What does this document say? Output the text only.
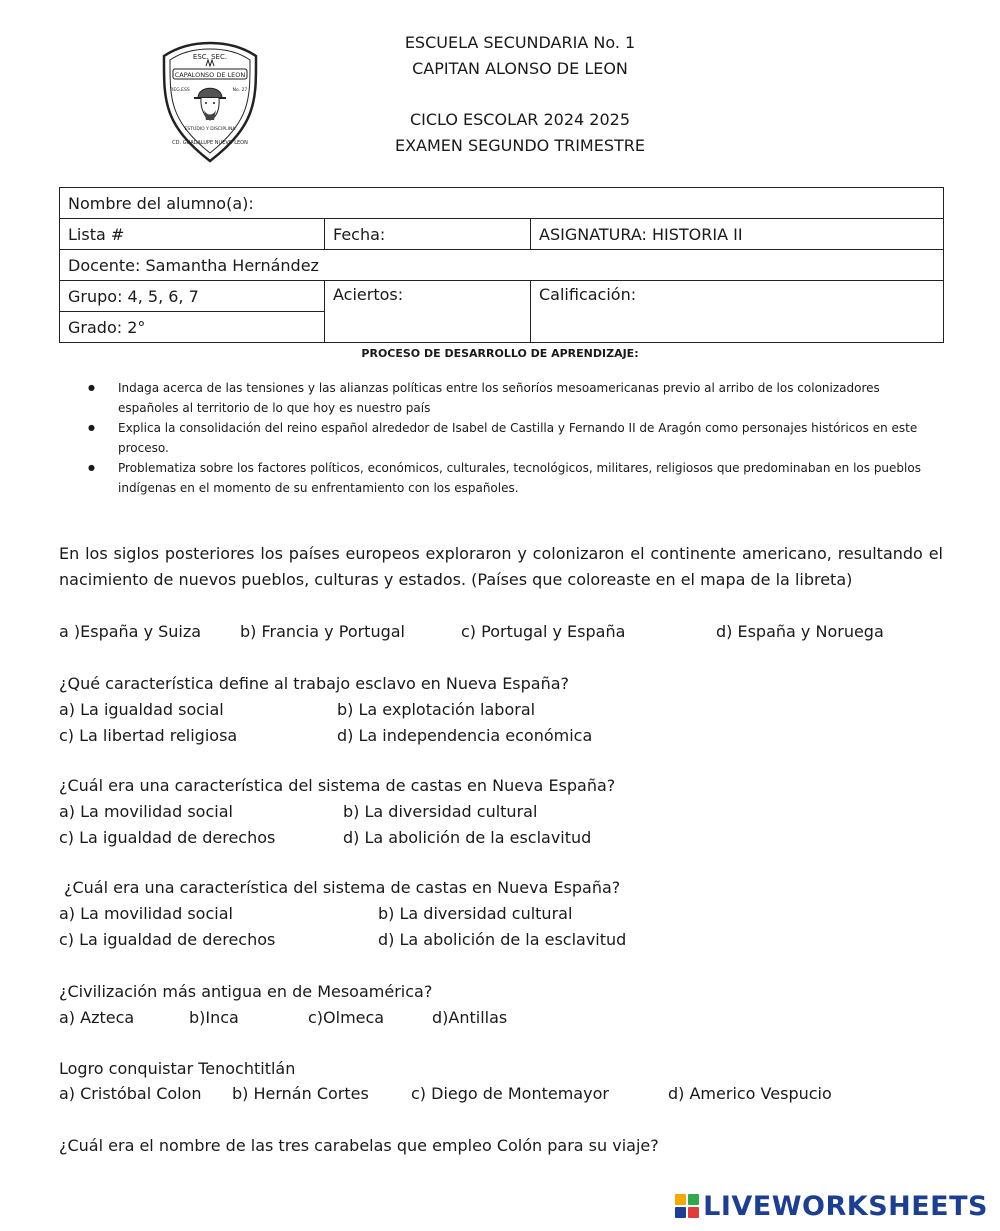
ESC. SEC.
CAPALONSO DE LEON
REG.ESS	No. 27
ESTUDIO Y DISCIPLINA
CD. GUADALUPE NUEVO LEON
ESCUELA SECUNDARIA No. 1
CAPITAN ALONSO DE LEON
CICLO ESCOLAR 2024 2025
EXAMEN SEGUNDO TRIMESTRE
Nombre del alumno(a):		
Lista #	Fecha:	ASIGNATURA: HISTORIA II
Docente: Samantha Hernández		
Grupo: 4, 5, 6, 7	Aciertos:	Calificación:
Grado: 2°		
PROCESO DE DESARROLLO DE APRENDIZAJE:
● Indaga acerca de las tensiones y las alianzas políticas entre los señoríos mesoamericanas previo al arribo de los colonizadores españoles al territorio de lo que hoy es nuestro país
● Explica la consolidación del reino español alrededor de Isabel de Castilla y Fernando II de Aragón como personajes históricos en este proceso.
● Problematiza sobre los factores políticos, económicos, culturales, tecnológicos, militares, religiosos que predominaban en los pueblos indígenas en el momento de su enfrentamiento con los españoles.
En los siglos posteriores los países europeos exploraron y colonizaron el continente americano, resultando el nacimiento de nuevos pueblos, culturas y estados. (Países que coloreaste en el mapa de la libreta)
a )España y Suiza b) Francia y Portugal	c) Portugal y España	d) España y Noruega
¿Qué característica define al trabajo esclavo en Nueva España?
a) La igualdad social	b) La explotación laboral
c) La libertad religiosa	d) La independencia económica
¿Cuál era una característica del sistema de castas en Nueva España?
a) La movilidad social	b) La diversidad cultural
c) La igualdad de derechos	d) La abolición de la esclavitud
¿Cuál era una característica del sistema de castas en Nueva España?
a) La movilidad social	b) La diversidad cultural
c) La igualdad de derechos	d) La abolición de la esclavitud
¿Civilización más antigua en de Mesoamérica?
a) Azteca	b)Inca	c)Olmeca	d)Antillas
Logro conquistar Tenochtitlán
a) Cristóbal Colon b) Hernán Cortes	c) Diego de Montemayor	d) Americo Vespucio
¿Cuál era el nombre de las tres carabelas que empleo Colón para su viaje?
LIVEWORKSHEETS
